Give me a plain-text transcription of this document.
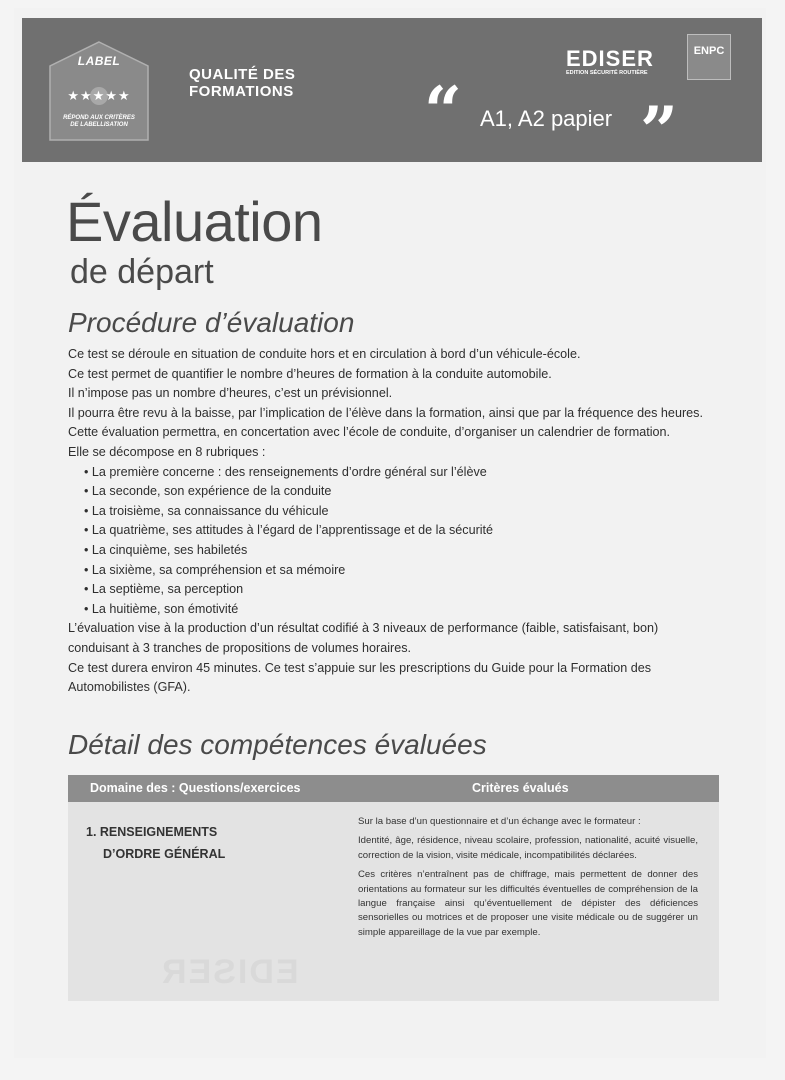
LABEL
★★★★★
RÉPOND AUX CRITÈRES
DE LABELLISATION
QUALITÉ DES
FORMATIONS
EDISER
EDITION SÉCURITÉ ROUTIÈRE
ENPC
“ A1, A2 papier ”
Évaluation
de départ
Procédure d’évaluation

Ce test se déroule en situation de conduite hors et en circulation à bord d’un véhicule-école.

Ce test permet de quantifier le nombre d’heures de formation à la conduite automobile.

Il n’impose pas un nombre d’heures, c’est un prévisionnel.

Il pourra être revu à la baisse, par l’implication de l’élève dans la formation, ainsi que par la fréquence des heures.

Cette évaluation permettra, en concertation avec l’école de conduite, d’organiser un calendrier de formation.

Elle se décompose en 8 rubriques :

• La première concerne : des renseignements d’ordre général sur l’élève
• La seconde, son expérience de la conduite
• La troisième, sa connaissance du véhicule
• La quatrième, ses attitudes à l’égard de l’apprentissage et de la sécurité
• La cinquième, ses habiletés
• La sixième, sa compréhension et sa mémoire
• La septième, sa perception
• La huitième, son émotivité

L’évaluation vise à la production d’un résultat codifié à 3 niveaux de performance (faible, satisfaisant, bon) conduisant à 3 tranches de propositions de volumes horaires.

Ce test durera environ 45 minutes. Ce test s’appuie sur les prescriptions du Guide pour la Formation des Automobilistes (GFA).

Détail des compétences évaluées
Domaine des : Questions/exercices	Critères évalués
1. RENSEIGNEMENTS
D’ORDRE GÉNÉRAL

Sur la base d’un questionnaire et d’un échange avec le formateur :

Identité, âge, résidence, niveau scolaire, profession, nationalité, acuité visuelle, correction de la vision, visite médicale, incompatibilités déclarées.

Ces critères n’entraînent pas de chiffrage, mais permettent de donner des orientations au formateur sur les difficultés éventuelles de compréhension de la langue française ainsi qu’éventuellement de dépister des déficiences sensorielles ou motrices et de proposer une visite médicale ou de suggérer un simple appareillage de la vue par exemple.

EDISER
